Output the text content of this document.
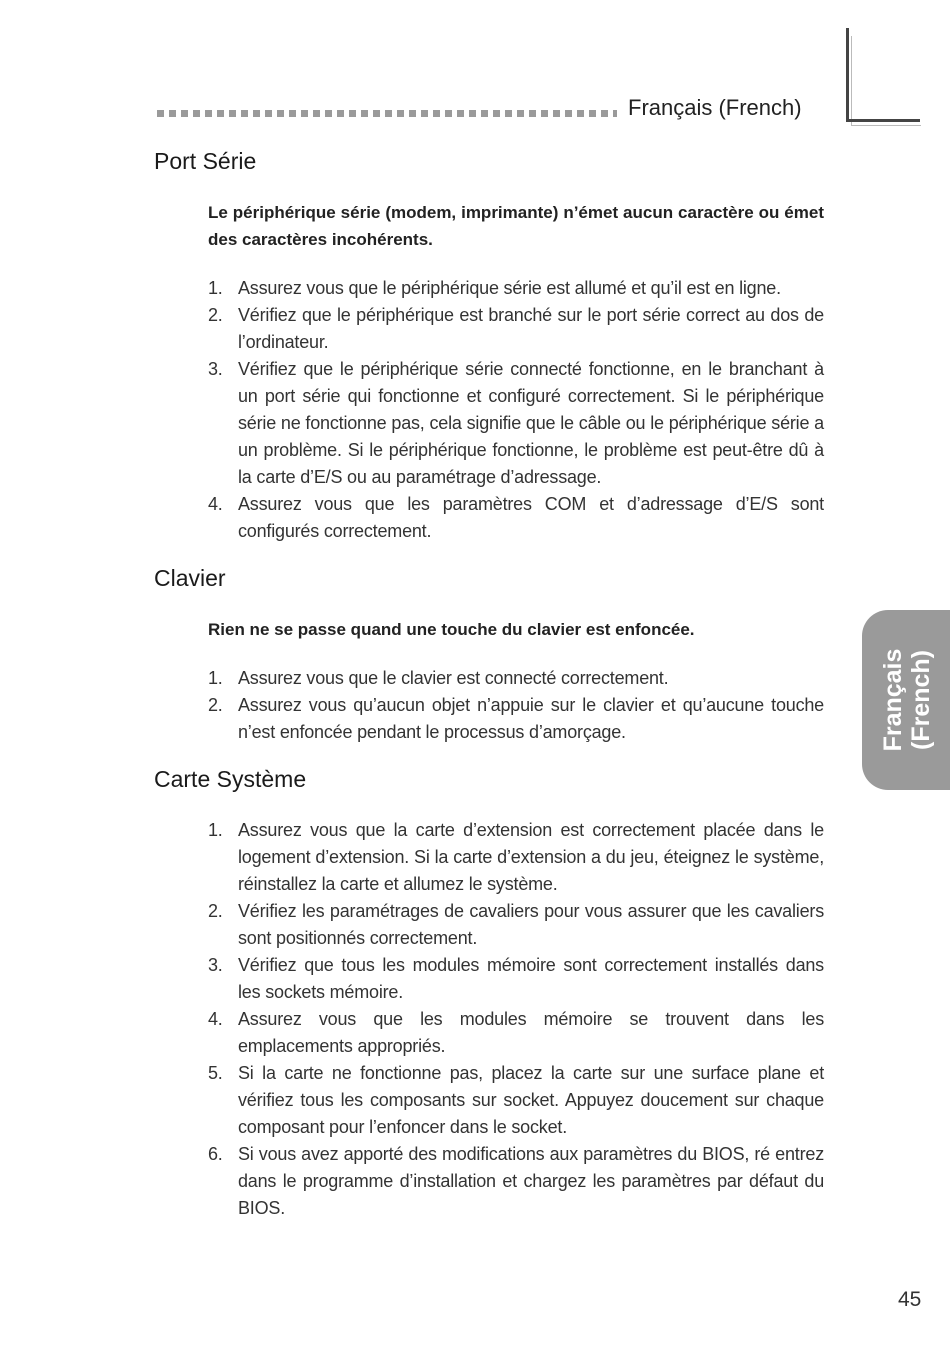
Français (French)
Français (French)
Port Série

Le périphérique série (modem, imprimante) n’émet aucun caractère ou émet des caractères incohérents.

1. Assurez vous que le périphérique série est allumé et qu’il est en ligne.
2. Vérifiez que le périphérique est branché sur le port série correct au dos de l’ordinateur.
3. Vérifiez que le périphérique série connecté fonctionne, en le branchant à un port série qui fonctionne et configuré correctement. Si le périphérique série ne fonctionne pas, cela signifie que le câble ou le périphérique série a un problème. Si le périphérique fonctionne, le problème est peut-être dû à la carte d’E/S ou au paramétrage d’adressage.
4. Assurez vous que les paramètres COM et d’adressage d’E/S sont configurés correctement.
Clavier

Rien ne se passe quand une touche du clavier est enfoncée.

1. Assurez vous que le clavier est connecté correctement.
2. Assurez vous qu’aucun objet n’appuie sur le clavier et qu’aucune touche n’est enfoncée pendant le processus d’amorçage.
Carte Système
1. Assurez vous que la carte d’extension est correctement placée dans le logement d’extension. Si la carte d’extension a du jeu, éteignez le système, réinstallez la carte et allumez le système.
2. Vérifiez les paramétrages de cavaliers pour vous assurer que les cavaliers sont positionnés correctement.
3. Vérifiez que tous les modules mémoire sont correctement installés dans les sockets mémoire.
4. Assurez vous que les modules mémoire se trouvent dans les emplacements appropriés.
5. Si la carte ne fonctionne pas, placez la carte sur une surface plane et vérifiez tous les composants sur socket. Appuyez doucement sur chaque composant pour l’enfoncer dans le socket.
6. Si vous avez apporté des modifications aux paramètres du BIOS, ré entrez dans le programme d’installation et chargez les paramètres par défaut du BIOS.
45
